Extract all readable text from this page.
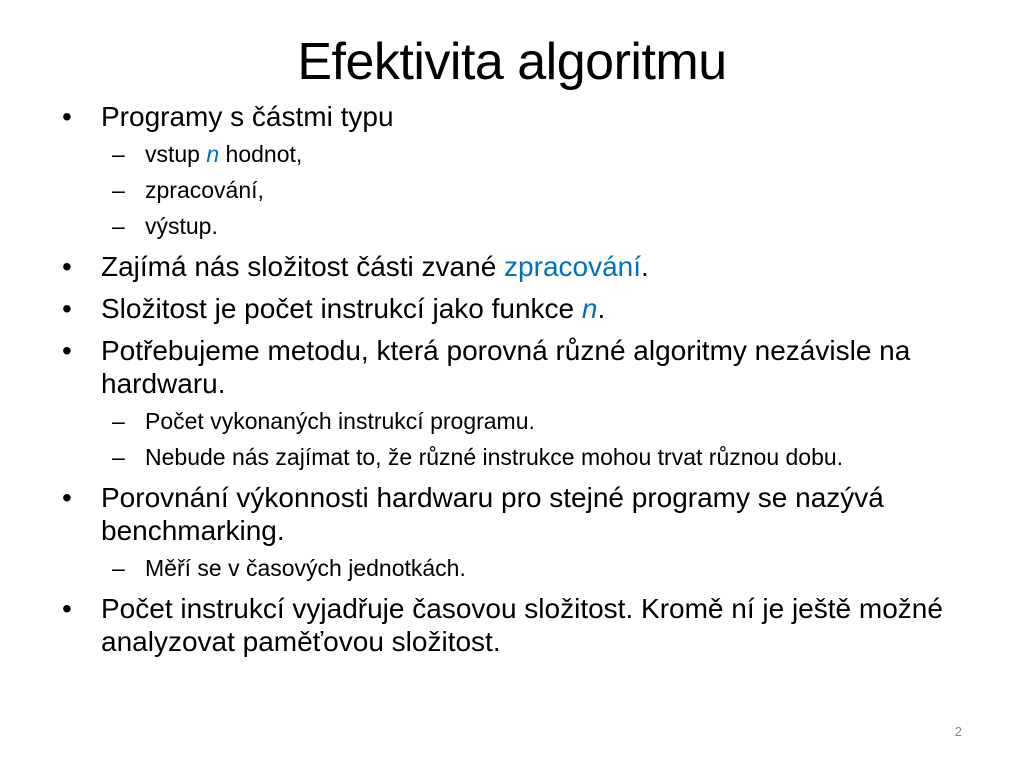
Efektivita algoritmu
• Programy s částmi typu
– vstup n hodnot,
– zpracování,
– výstup.
• Zajímá nás složitost části zvané zpracování.
• Složitost je počet instrukcí jako funkce n.
• Potřebujeme metodu, která porovná různé algoritmy nezávisle na hardwaru.
– Počet vykonaných instrukcí programu.
– Nebude nás zajímat to, že různé instrukce mohou trvat různou dobu.
• Porovnání výkonnosti hardwaru pro stejné programy se nazývá benchmarking.
– Měří se v časových jednotkách.
• Počet instrukcí vyjadřuje časovou složitost. Kromě ní je ještě možné analyzovat paměťovou složitost.
2
